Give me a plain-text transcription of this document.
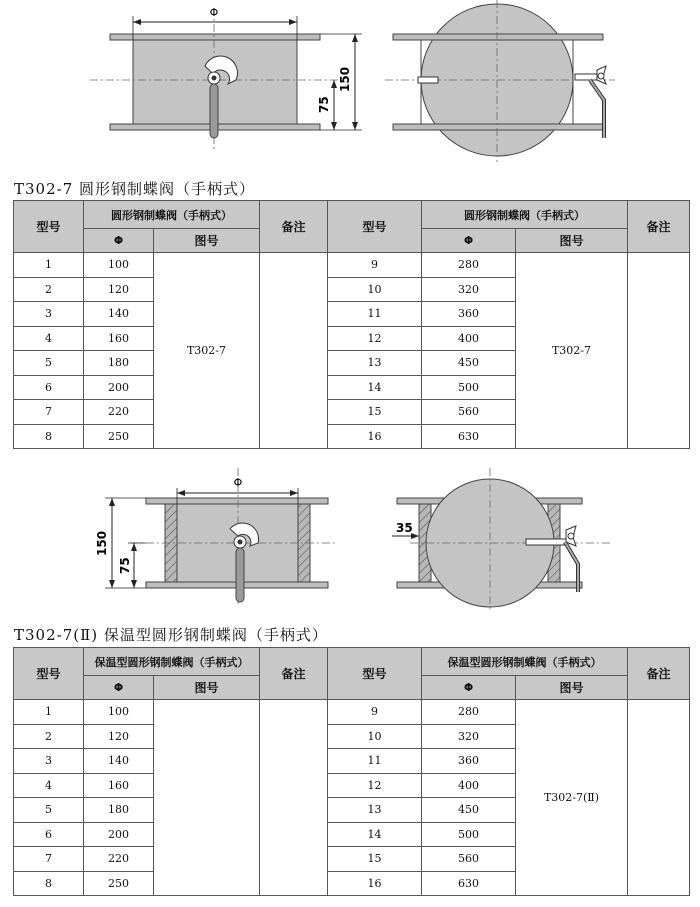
Φ
150
75
T302-7 圆形钢制蝶阀（手柄式）
型号	圆形钢制蝶阀（手柄式）		备注	型号	圆形钢制蝶阀（手柄式）		备注
	Φ	图号			Φ	图号	
1	100	T302-7		9	280	T302-7	
2	120			10	320		
3	140			11	360		
4	160			12	400		
5	180			13	450		
6	200			14	500		
7	220			15	560		
8	250			16	630		
Φ
150
75
35
T302-7(Ⅱ) 保温型圆形钢制蝶阀（手柄式）
型号	保温型圆形钢制蝶阀（手柄式）		备注	型号	保温型圆形钢制蝶阀（手柄式）		备注
	Φ	图号			Φ	图号	
1	100			9	280	T302-7(Ⅱ)	
2	120			10	320		
3	140			11	360		
4	160			12	400		
5	180			13	450		
6	200			14	500		
7	220			15	560		
8	250			16	630		
